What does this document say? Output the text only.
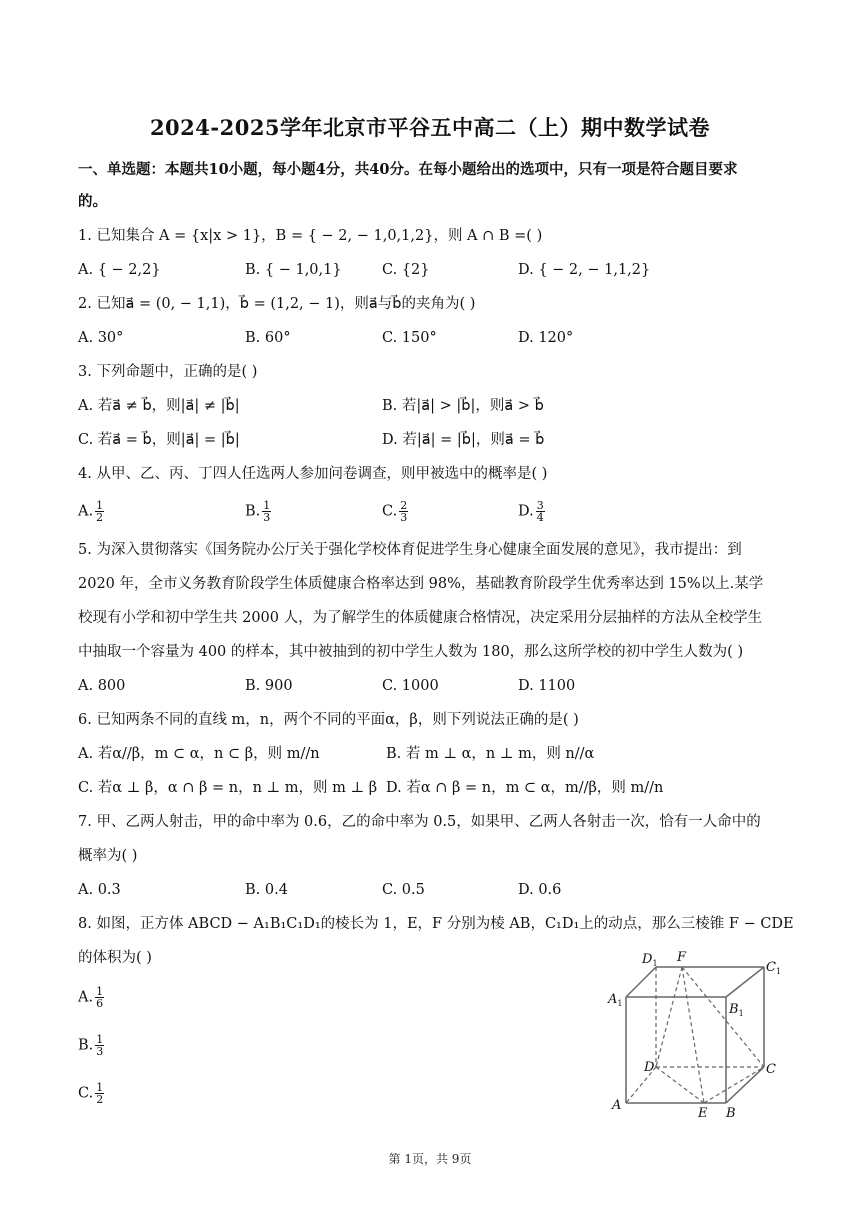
2024-2025学年北京市平谷五中高二（上）期中数学试卷
一、单选题：本题共10小题，每小题4分，共40分。在每小题给出的选项中，只有一项是符合题目要求
的。
1. 已知集合 A = {x|x > 1}，B = { − 2, − 1,0,1,2}，则 A ∩ B =( )
A. { − 2,2}	B. { − 1,0,1}	C. {2}	D. { − 2, − 1,1,2}
2. 已知a⃗ = (0, − 1,1)，b⃗ = (1,2, − 1)，则a⃗与b⃗的夹角为( )
A. 30°	B. 60°	C. 150°	D. 120°
3. 下列命题中，正确的是( )
A. 若a⃗ ≠ b⃗，则|a⃗| ≠ |b⃗|	B. 若|a⃗| > |b⃗|，则a⃗ > b⃗
C. 若a⃗ = b⃗，则|a⃗| = |b⃗|	D. 若|a⃗| = |b⃗|，则a⃗ = b⃗
4. 从甲、乙、丙、丁四人任选两人参加问卷调查，则甲被选中的概率是( )
A. $\frac{1}{2}$	B. $\frac{1}{3}$	C. $\frac{2}{3}$	D. $\frac{3}{4}$
5. 为深入贯彻落实《国务院办公厅关于强化学校体育促进学生身心健康全面发展的意见》，我市提出：到
2020 年，全市义务教育阶段学生体质健康合格率达到 98%，基础教育阶段学生优秀率达到 15%以上.某学
校现有小学和初中学生共 2000 人，为了解学生的体质健康合格情况，决定采用分层抽样的方法从全校学生
中抽取一个容量为 400 的样本，其中被抽到的初中学生人数为 180，那么这所学校的初中学生人数为( )
A. 800	B. 900	C. 1000	D. 1100
6. 已知两条不同的直线 m，n，两个不同的平面α，β，则下列说法正确的是( )
A. 若α//β，m ⊂ α，n ⊂ β，则 m//n	B. 若 m ⊥ α，n ⊥ m，则 n//α
C. 若α ⊥ β，α ∩ β = n，n ⊥ m，则 m ⊥ β D. 若α ∩ β = n，m ⊂ α，m//β，则 m//n
7. 甲、乙两人射击，甲的命中率为 0.6，乙的命中率为 0.5，如果甲、乙两人各射击一次，恰有一人命中的
概率为( )
A. 0.3	B. 0.4	C. 0.5	D. 0.6
8. 如图，正方体 ABCD − A₁B₁C₁D₁的棱长为 1，E，F 分别为棱 AB，C₁D₁上的动点，那么三棱锥 F − CDE
的体积为( )
A. $\frac{1}{6}$
B. $\frac{1}{3}$
C. $\frac{1}{2}$
$D_1$ F
$C_1$
$A_1$	$B_1$
D	C
A
E B
第 1页，共 9页
